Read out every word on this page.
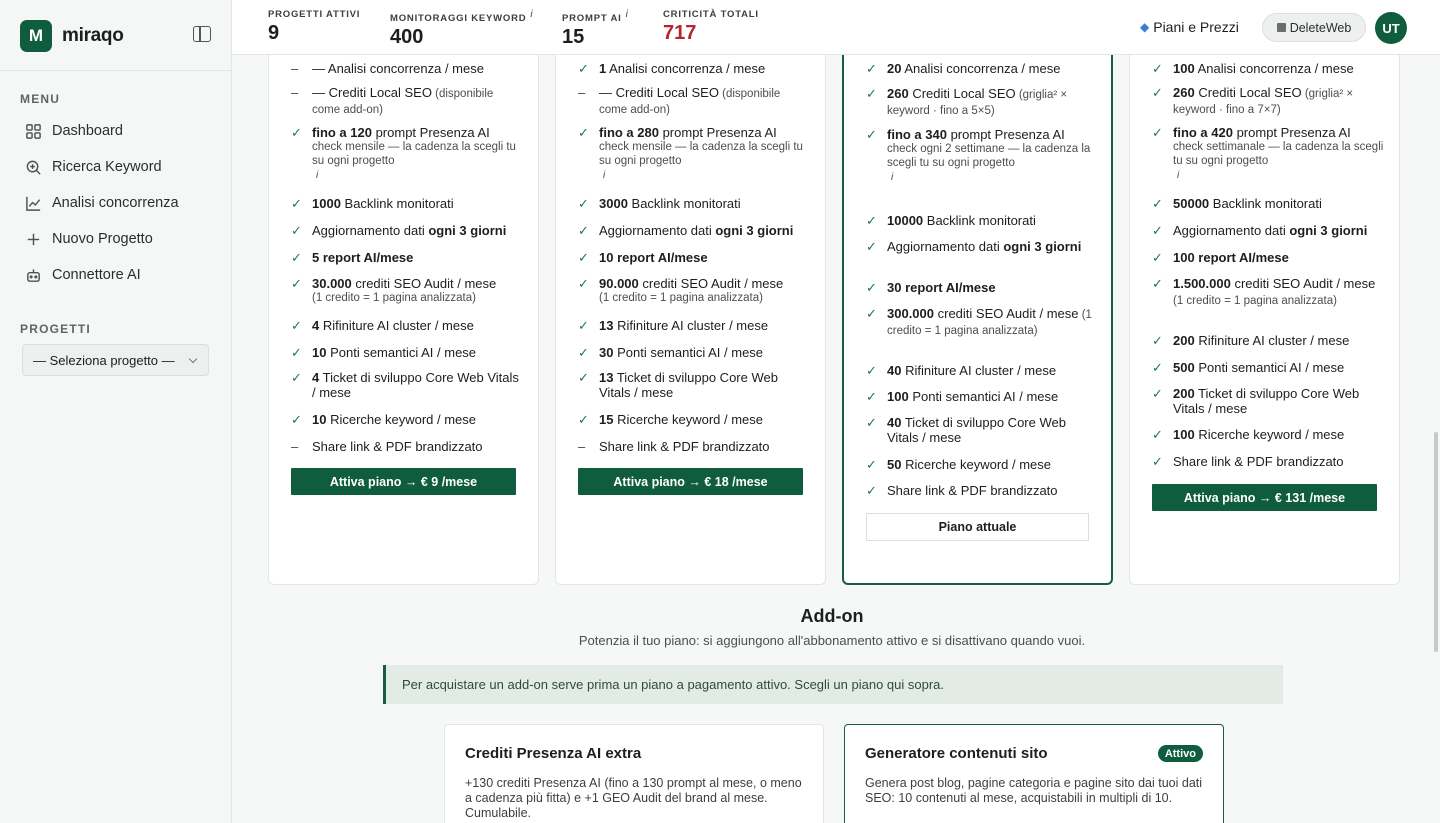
M miraqo
MENU
Dashboard
Ricerca Keyword
Analisi concorrenza
Nuovo Progetto
Connettore AI
PROGETTI
— Seleziona progetto —
PROGETTI ATTIVI
9
MONITORAGGI KEYWORD $^i$
400
PROMPT AI $^i$
15
CRITICITÀ TOTALI
717	◆ Piani e Prezzi	DeleteWeb	UT
–	— Analisi concorrenza / mese
–	— Crediti Local SEO (disponibile come add-on)
✓ fino a 120 prompt Presenza AI
check mensile — la cadenza la scegli tu su ogni progetto
i
✓ 1000 Backlink monitorati
✓ Aggiornamento dati ogni 3 giorni
✓ 5 report AI/mese
✓ 30.000 crediti SEO Audit / mese
(1 credito = 1 pagina analizzata)
✓ 4 Rifiniture AI cluster / mese
✓ 10 Ponti semantici AI / mese
✓ 4 Ticket di sviluppo Core Web Vitals / mese
✓ 10 Ricerche keyword / mese
–	Share link & PDF brandizzato
Attiva piano → € 9 /mese
✓ 1 Analisi concorrenza / mese
–	— Crediti Local SEO (disponibile come add-on)
✓ fino a 280 prompt Presenza AI
check mensile — la cadenza la scegli tu su ogni progetto
i
✓ 3000 Backlink monitorati
✓ Aggiornamento dati ogni 3 giorni
✓ 10 report AI/mese
✓ 90.000 crediti SEO Audit / mese
(1 credito = 1 pagina analizzata)
✓ 13 Rifiniture AI cluster / mese
✓ 30 Ponti semantici AI / mese
✓ 13 Ticket di sviluppo Core Web Vitals / mese
✓ 15 Ricerche keyword / mese
–	Share link & PDF brandizzato
Attiva piano → € 18 /mese
✓ 20 Analisi concorrenza / mese
✓ 260 Crediti Local SEO (griglia² × keyword · fino a 5×5)
✓ fino a 340 prompt Presenza AI
check ogni 2 settimane — la cadenza la scegli tu su ogni progetto
i
✓ 10000 Backlink monitorati
✓ Aggiornamento dati ogni 3 giorni
✓ 30 report AI/mese
✓ 300.000 crediti SEO Audit / mese (1 credito = 1 pagina analizzata)
✓ 40 Rifiniture AI cluster / mese
✓ 100 Ponti semantici AI / mese
✓ 40 Ticket di sviluppo Core Web Vitals / mese
✓ 50 Ricerche keyword / mese
✓ Share link & PDF brandizzato
Piano attuale
✓ 100 Analisi concorrenza / mese
✓ 260 Crediti Local SEO (griglia² × keyword · fino a 7×7)
✓ fino a 420 prompt Presenza AI
check settimanale — la cadenza la scegli tu su ogni progetto
i
✓ 50000 Backlink monitorati
✓ Aggiornamento dati ogni 3 giorni
✓ 100 report AI/mese
✓ 1.500.000 crediti SEO Audit / mese (1 credito = 1 pagina analizzata)
✓ 200 Rifiniture AI cluster / mese
✓ 500 Ponti semantici AI / mese
✓ 200 Ticket di sviluppo Core Web Vitals / mese
✓ 100 Ricerche keyword / mese
✓ Share link & PDF brandizzato
Attiva piano → € 131 /mese
Add-on
Potenzia il tuo piano: si aggiungono all'abbonamento attivo e si disattivano quando vuoi.
Per acquistare un add-on serve prima un piano a pagamento attivo. Scegli un piano qui sopra.
Crediti Presenza AI extra

+130 crediti Presenza AI (fino a 130 prompt al mese, o meno a cadenza più fitta) e +1 GEO Audit del brand al mese. Cumulabile.

Generatore contenuti sito	Attivo

Genera post blog, pagine categoria e pagine sito dai tuoi dati SEO: 10 contenuti al mese, acquistabili in multipli di 10.
